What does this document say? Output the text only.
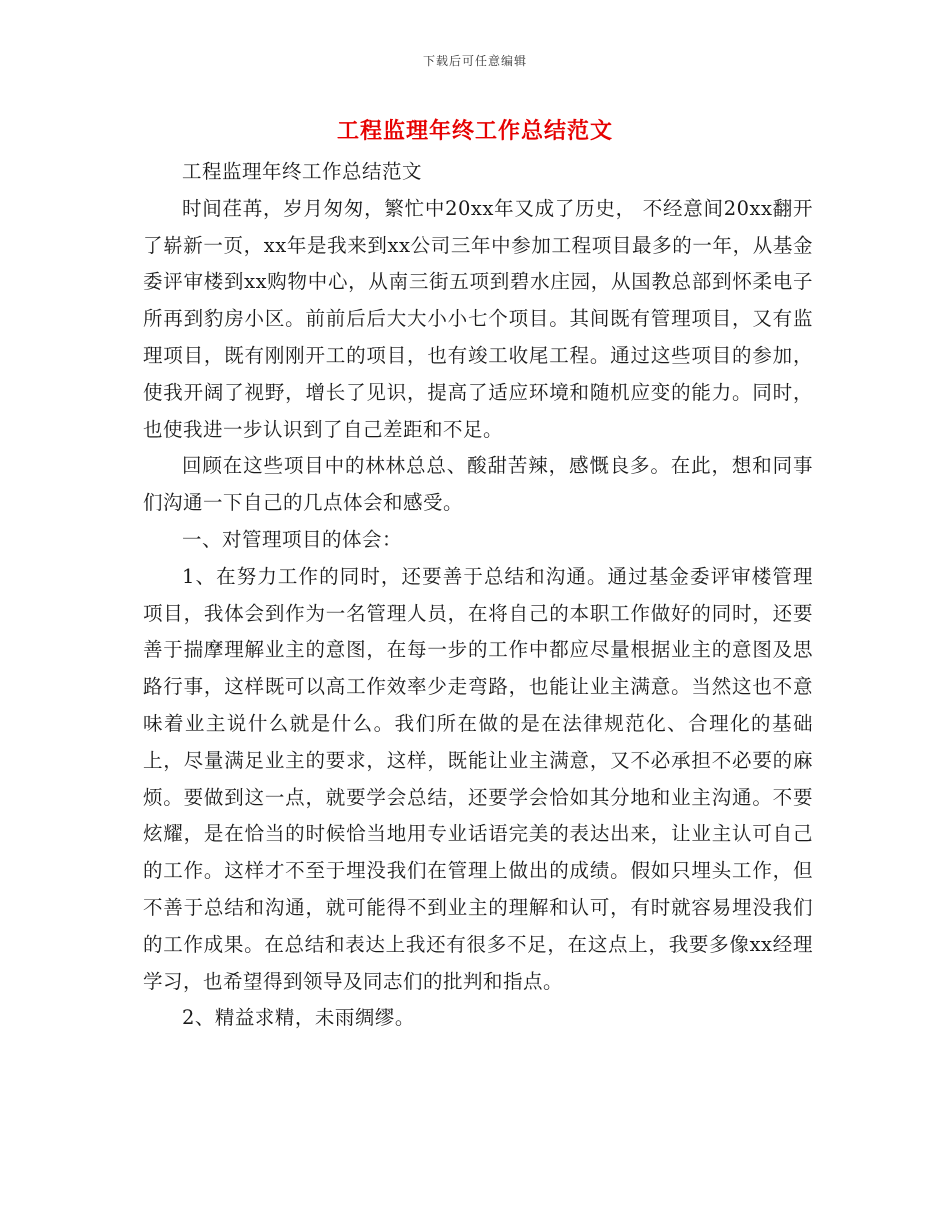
下载后可任意编辑
工程监理年终工作总结范文

工程监理年终工作总结范文

时间荏苒，岁月匆匆，繁忙中20xx年又成了历史， 不经意间20xx翻开了崭新一页，xx年是我来到xx公司三年中参加工程项目最多的一年，从基金委评审楼到xx购物中心，从南三街五项到碧水庄园，从国教总部到怀柔电子所再到豹房小区。前前后后大大小小七个项目。其间既有管理项目，又有监理项目，既有刚刚开工的项目，也有竣工收尾工程。通过这些项目的参加，使我开阔了视野，增长了见识，提高了适应环境和随机应变的能力。同时，也使我进一步认识到了自己差距和不足。

回顾在这些项目中的林林总总、酸甜苦辣，感慨良多。在此，想和同事们沟通一下自己的几点体会和感受。

一、对管理项目的体会：

1、在努力工作的同时，还要善于总结和沟通。通过基金委评审楼管理项目，我体会到作为一名管理人员，在将自己的本职工作做好的同时，还要善于揣摩理解业主的意图，在每一步的工作中都应尽量根据业主的意图及思路行事，这样既可以高工作效率少走弯路，也能让业主满意。当然这也不意味着业主说什么就是什么。我们所在做的是在法律规范化、合理化的基础上，尽量满足业主的要求，这样，既能让业主满意，又不必承担不必要的麻烦。要做到这一点，就要学会总结，还要学会恰如其分地和业主沟通。不要炫耀，是在恰当的时候恰当地用专业话语完美的表达出来，让业主认可自己的工作。这样才不至于埋没我们在管理上做出的成绩。假如只埋头工作，但不善于总结和沟通，就可能得不到业主的理解和认可，有时就容易埋没我们的工作成果。在总结和表达上我还有很多不足，在这点上，我要多像xx经理学习，也希望得到领导及同志们的批判和指点。

2、精益求精，未雨绸缪。
